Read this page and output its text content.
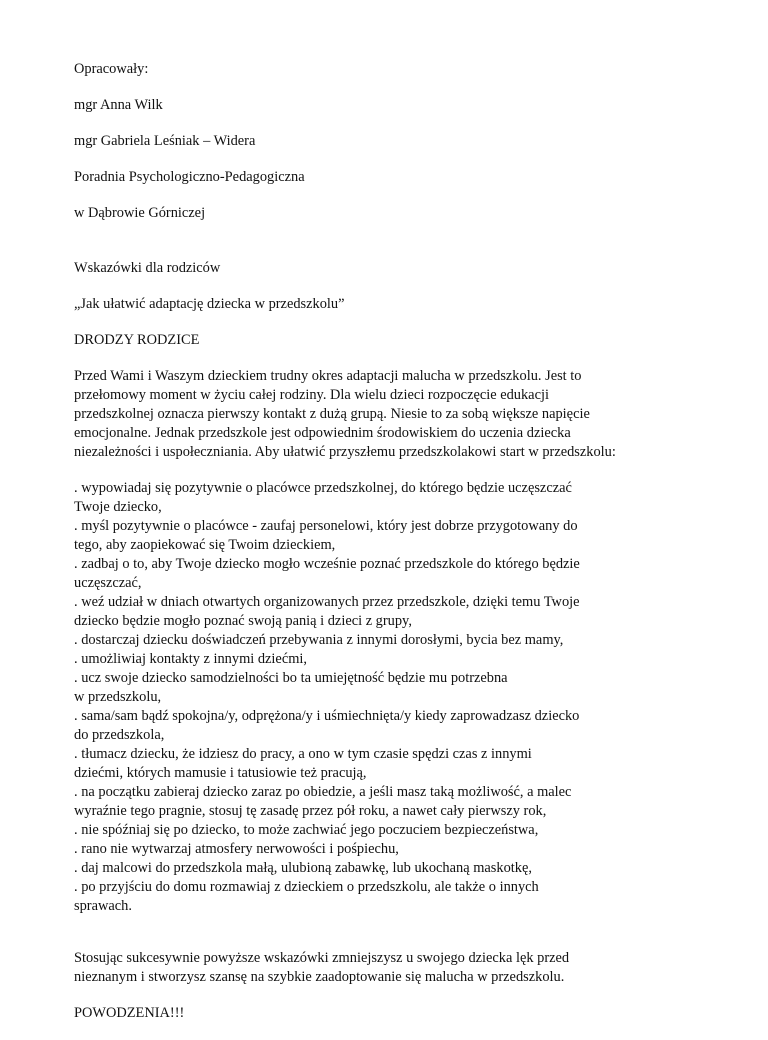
Opracowały:

mgr Anna Wilk

mgr Gabriela Leśniak – Widera

Poradnia Psychologiczno-Pedagogiczna

w Dąbrowie Górniczej

Wskazówki dla rodziców

„Jak ułatwić adaptację dziecka w przedszkolu”

DRODZY RODZICE

Przed Wami i Waszym dzieckiem trudny okres adaptacji malucha w przedszkolu. Jest to
przełomowy moment w życiu całej rodziny. Dla wielu dzieci rozpoczęcie edukacji
przedszkolnej oznacza pierwszy kontakt z dużą grupą. Niesie to za sobą większe napięcie
emocjonalne. Jednak przedszkole jest odpowiednim środowiskiem do uczenia dziecka
niezależności i uspołeczniania. Aby ułatwić przyszłemu przedszkolakowi start w przedszkolu:

. wypowiadaj się pozytywnie o placówce przedszkolnej, do którego będzie uczęszczać
Twoje dziecko,
. myśl pozytywnie o placówce - zaufaj personelowi, który jest dobrze przygotowany do
tego, aby zaopiekować się Twoim dzieckiem,
. zadbaj o to, aby Twoje dziecko mogło wcześnie poznać przedszkole do którego będzie
uczęszczać,
. weź udział w dniach otwartych organizowanych przez przedszkole, dzięki temu Twoje
dziecko będzie mogło poznać swoją panią i dzieci z grupy,
. dostarczaj dziecku doświadczeń przebywania z innymi dorosłymi, bycia bez mamy,
. umożliwiaj kontakty z innymi dziećmi,
. ucz swoje dziecko samodzielności bo ta umiejętność będzie mu potrzebna
w przedszkolu,
. sama/sam bądź spokojna/y, odprężona/y i uśmiechnięta/y kiedy zaprowadzasz dziecko
do przedszkola,
. tłumacz dziecku, że idziesz do pracy, a ono w tym czasie spędzi czas z innymi
dziećmi, których mamusie i tatusiowie też pracują,
. na początku zabieraj dziecko zaraz po obiedzie, a jeśli masz taką możliwość, a malec
wyraźnie tego pragnie, stosuj tę zasadę przez pół roku, a nawet cały pierwszy rok,
. nie spóźniaj się po dziecko, to może zachwiać jego poczuciem bezpieczeństwa,
. rano nie wytwarzaj atmosfery nerwowości i pośpiechu,
. daj malcowi do przedszkola małą, ulubioną zabawkę, lub ukochaną maskotkę,
. po przyjściu do domu rozmawiaj z dzieckiem o przedszkolu, ale także o innych
sprawach.

Stosując sukcesywnie powyższe wskazówki zmniejszysz u swojego dziecka lęk przed
nieznanym i stworzysz szansę na szybkie zaadoptowanie się malucha w przedszkolu.

POWODZENIA!!!
